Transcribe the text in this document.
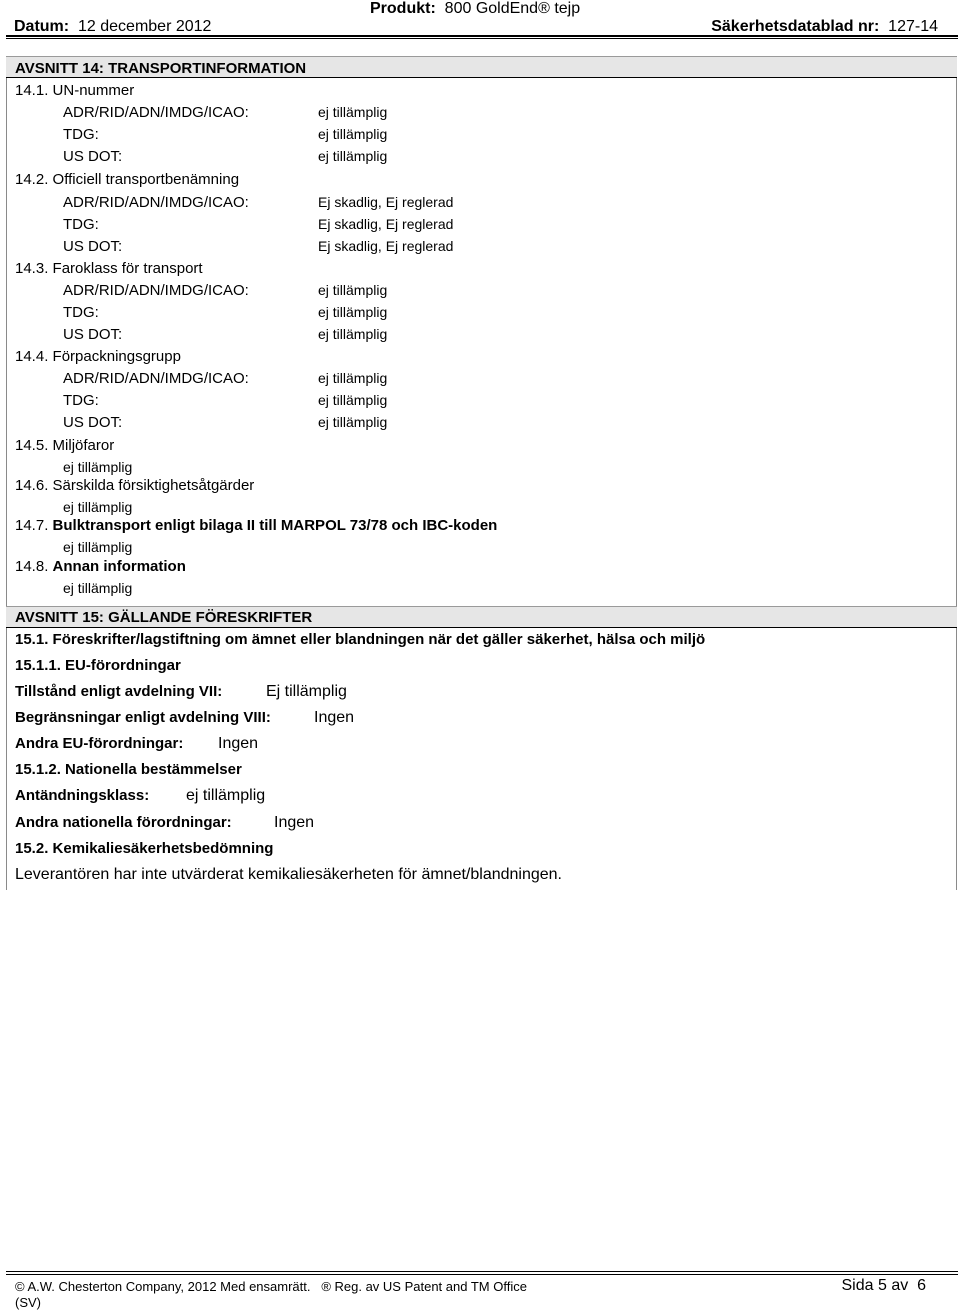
Datum: 12 december 2012
Produkt: 800 GoldEnd® tejp
Säkerhetsdatablad nr: 127-14
AVSNITT 14: TRANSPORTINFORMATION
14.1. UN-nummer
ADR/RID/ADN/IMDG/ICAO:	ej tillämplig
TDG:	ej tillämplig
US DOT:	ej tillämplig
14.2. Officiell transportbenämning
ADR/RID/ADN/IMDG/ICAO:	Ej skadlig, Ej reglerad
TDG:	Ej skadlig, Ej reglerad
US DOT:	Ej skadlig, Ej reglerad
14.3. Faroklass för transport
ADR/RID/ADN/IMDG/ICAO:	ej tillämplig
TDG:	ej tillämplig
US DOT:	ej tillämplig
14.4. Förpackningsgrupp
ADR/RID/ADN/IMDG/ICAO:	ej tillämplig
TDG:	ej tillämplig
US DOT:	ej tillämplig
14.5. Miljöfaror
ej tillämplig
14.6. Särskilda försiktighetsåtgärder
ej tillämplig
14.7. Bulktransport enligt bilaga II till MARPOL 73/78 och IBC-koden
ej tillämplig
14.8. Annan information
ej tillämplig
AVSNITT 15: GÄLLANDE FÖRESKRIFTER
15.1. Föreskrifter/lagstiftning om ämnet eller blandningen när det gäller säkerhet, hälsa och miljö
15.1.1. EU-förordningar
Tillstånd enligt avdelning VII:	Ej tillämplig
Begränsningar enligt avdelning VIII:	Ingen
Andra EU-förordningar: Ingen
15.1.2. Nationella bestämmelser
Antändningsklass: ej tillämplig
Andra nationella förordningar:	Ingen
15.2. Kemikaliesäkerhetsbedömning
Leverantören har inte utvärderat kemikaliesäkerheten för ämnet/blandningen.
© A.W. Chesterton Company, 2012 Med ensamrätt.   ® Reg. av US Patent and TM Office
(SV)
Sida 5 av  6
